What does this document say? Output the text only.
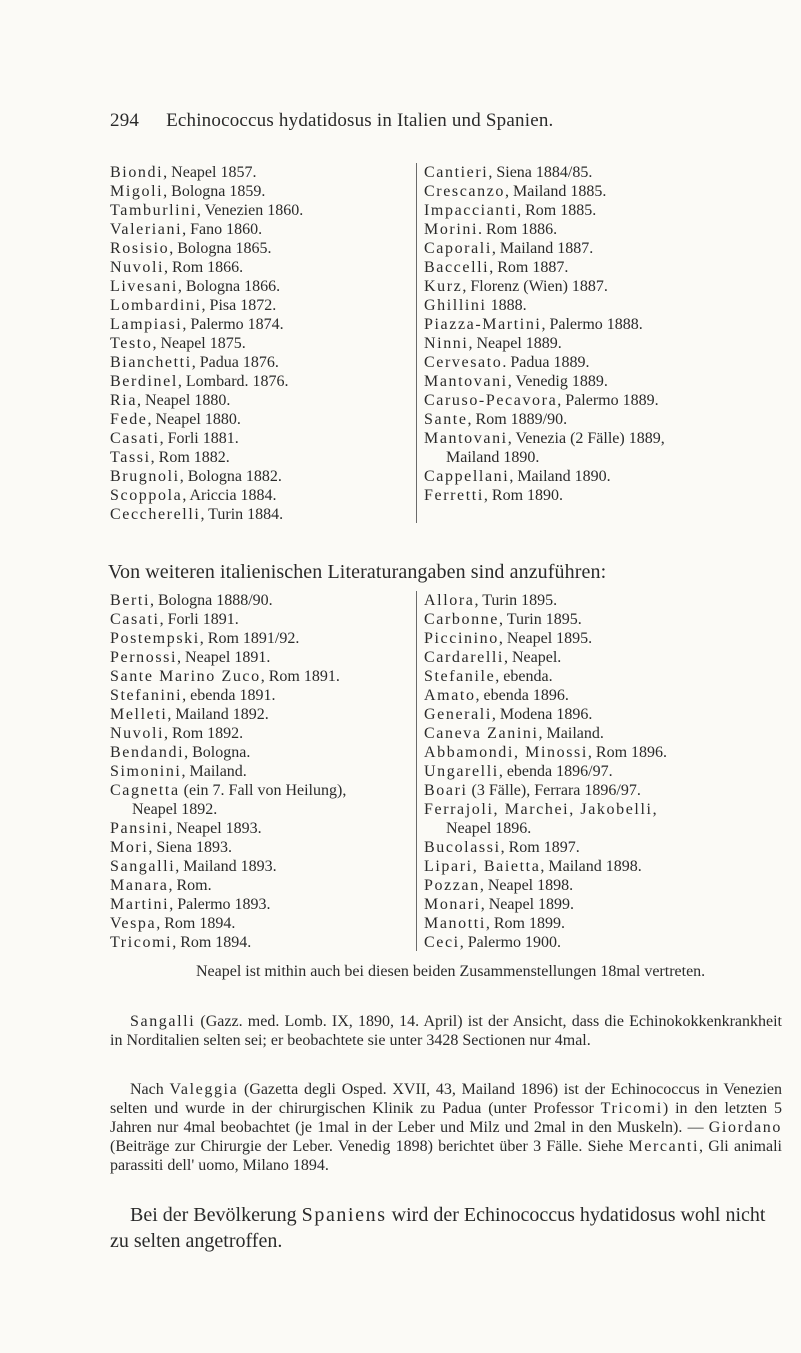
294 Echinococcus hydatidosus in Italien und Spanien.
Biondi, Neapel 1857.
Migoli, Bologna 1859.
Tamburlini, Venezien 1860.
Valeriani, Fano 1860.
Rosisio, Bologna 1865.
Nuvoli, Rom 1866.
Livesani, Bologna 1866.
Lombardini, Pisa 1872.
Lampiasi, Palermo 1874.
Testo, Neapel 1875.
Bianchetti, Padua 1876.
Berdinel, Lombard. 1876.
Ria, Neapel 1880.
Fede, Neapel 1880.
Casati, Forli 1881.
Tassi, Rom 1882.
Brugnoli, Bologna 1882.
Scoppola, Ariccia 1884.
Ceccherelli, Turin 1884.
Cantieri, Siena 1884/85.
Crescanzo, Mailand 1885.
Impaccianti, Rom 1885.
Morini. Rom 1886.
Caporali, Mailand 1887.
Baccelli, Rom 1887.
Kurz, Florenz (Wien) 1887.
Ghillini 1888.
Piazza-Martini, Palermo 1888.
Ninni, Neapel 1889.
Cervesato. Padua 1889.
Mantovani, Venedig 1889.
Caruso-Pecavora, Palermo 1889.
Sante, Rom 1889/90.
Mantovani, Venezia (2 Fälle) 1889,
Mailand 1890.
Cappellani, Mailand 1890.
Ferretti, Rom 1890.
Von weiteren italienischen Literaturangaben sind anzuführen:
Berti, Bologna 1888/90.
Casati, Forli 1891.
Postempski, Rom 1891/92.
Pernossi, Neapel 1891.
Sante Marino Zuco, Rom 1891.
Stefanini, ebenda 1891.
Melleti, Mailand 1892.
Nuvoli, Rom 1892.
Bendandi, Bologna.
Simonini, Mailand.
Cagnetta (ein 7. Fall von Heilung),
Neapel 1892.
Pansini, Neapel 1893.
Mori, Siena 1893.
Sangalli, Mailand 1893.
Manara, Rom.
Martini, Palermo 1893.
Vespa, Rom 1894.
Tricomi, Rom 1894.
Allora, Turin 1895.
Carbonne, Turin 1895.
Piccinino, Neapel 1895.
Cardarelli, Neapel.
Stefanile, ebenda.
Amato, ebenda 1896.
Generali, Modena 1896.
Caneva Zanini, Mailand.
Abbamondi, Minossi, Rom 1896.
Ungarelli, ebenda 1896/97.
Boari (3 Fälle), Ferrara 1896/97.
Ferrajoli, Marchei, Jakobelli,
Neapel 1896.
Bucolassi, Rom 1897.
Lipari, Baietta, Mailand 1898.
Pozzan, Neapel 1898.
Monari, Neapel 1899.
Manotti, Rom 1899.
Ceci, Palermo 1900.
Neapel ist mithin auch bei diesen beiden Zusammenstellungen 18mal vertreten.
Sangalli (Gazz. med. Lomb. IX, 1890, 14. April) ist der Ansicht, dass die Echinokokkenkrankheit in Norditalien selten sei; er beobachtete sie unter 3428 Sectionen nur 4mal.
Nach Valeggia (Gazetta degli Osped. XVII, 43, Mailand 1896) ist der Echinococcus in Venezien selten und wurde in der chirurgischen Klinik zu Padua (unter Professor Tricomi) in den letzten 5 Jahren nur 4mal beobachtet (je 1mal in der Leber und Milz und 2mal in den Muskeln). — Giordano (Beiträge zur Chirurgie der Leber. Venedig 1898) berichtet über 3 Fälle. Siehe Mercanti, Gli animali parassiti dell' uomo, Milano 1894.
Bei der Bevölkerung Spaniens wird der Echinococcus hydatidosus wohl nicht zu selten angetroffen.
